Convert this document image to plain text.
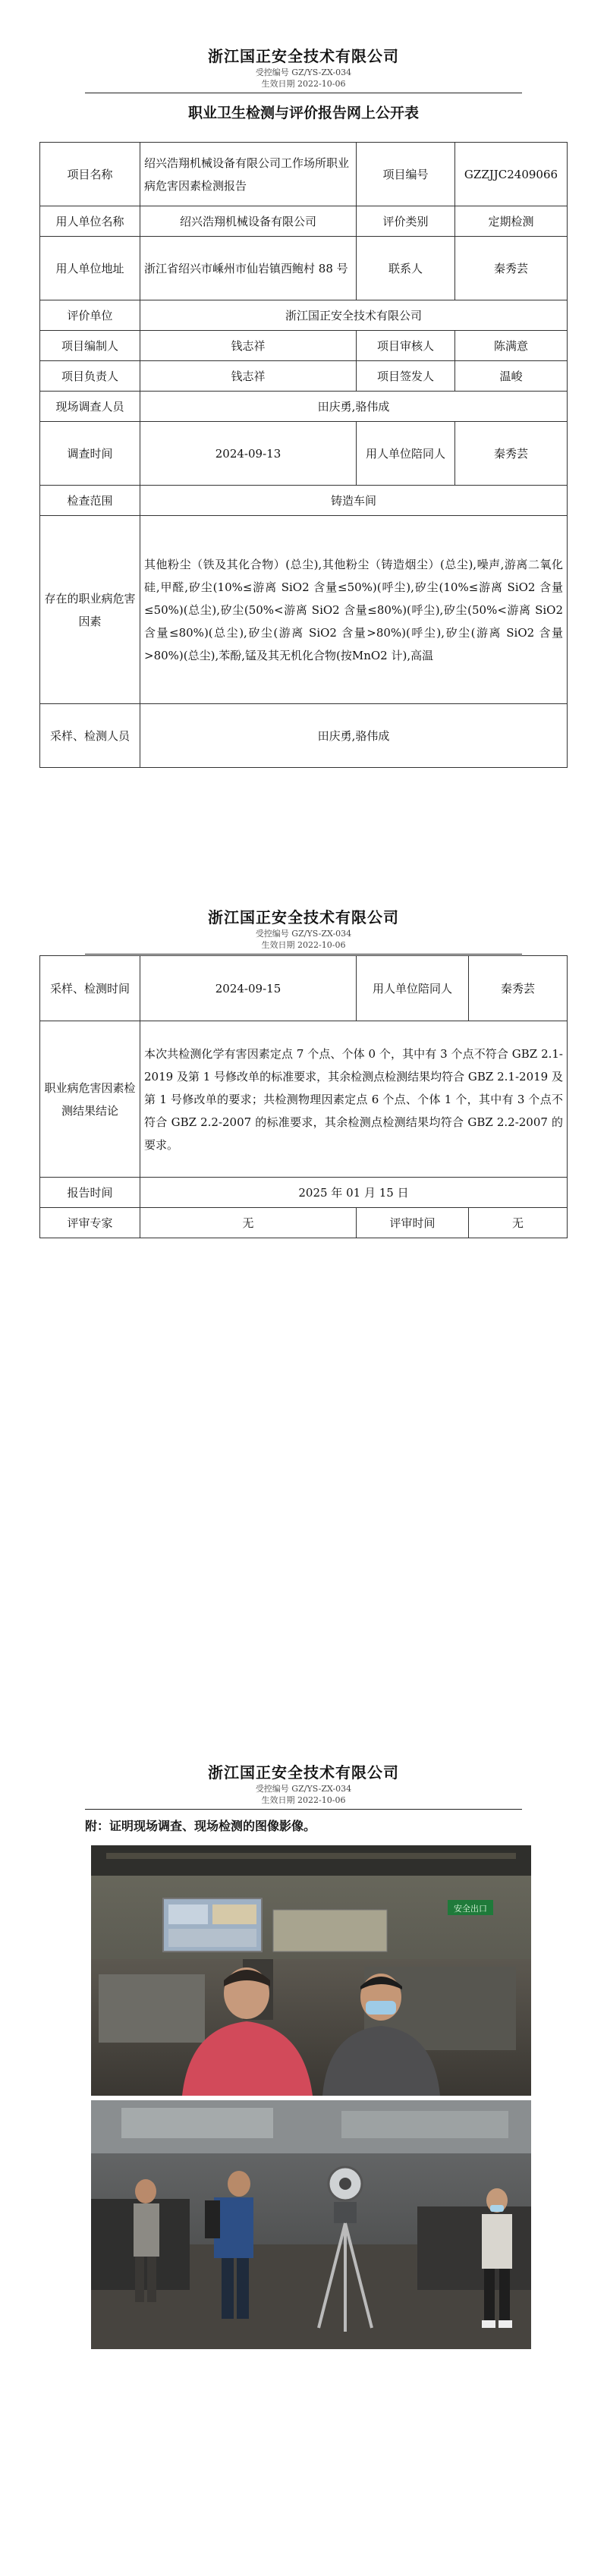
浙江国正安全技术有限公司
受控编号 GZ/YS-ZX-034
生效日期 2022-10-06
职业卫生检测与评价报告网上公开表
项目名称	绍兴浩翔机械设备有限公司工作场所职业病危害因素检测报告	项目编号	GZZJJC2409066
用人单位名称	绍兴浩翔机械设备有限公司	评价类别	定期检测
用人单位地址	浙江省绍兴市嵊州市仙岩镇西鲍村 88 号	联系人	秦秀芸
评价单位	浙江国正安全技术有限公司		
项目编制人	钱志祥	项目审核人	陈满意
项目负责人	钱志祥	项目签发人	温峻
现场调查人员	田庆勇,骆伟成		
调查时间	2024-09-13	用人单位陪同人	秦秀芸
检查范围	铸造车间		
存在的职业病危害因素	其他粉尘（铁及其化合物）(总尘),其他粉尘（铸造烟尘）(总尘),噪声,游离二氧化硅,甲醛,矽尘(10%≤游离 SiO2 含量≤50%)(呼尘),矽尘(10%≤游离 SiO2 含量≤50%)(总尘),矽尘(50%<游离 SiO2 含量≤80%)(呼尘),矽尘(50%<游离 SiO2 含量≤80%)(总尘),矽尘(游离 SiO2 含量>80%)(呼尘),矽尘(游离 SiO2 含量>80%)(总尘),苯酚,锰及其无机化合物(按MnO2 计),高温		
采样、检测人员	田庆勇,骆伟成		
浙江国正安全技术有限公司
受控编号 GZ/YS-ZX-034
生效日期 2022-10-06
采样、检测时间	2024-09-15	用人单位陪同人	秦秀芸
职业病危害因素检测结果结论	本次共检测化学有害因素定点 7 个点、个体 0 个，其中有 3 个点不符合 GBZ 2.1-2019 及第 1 号修改单的标准要求，其余检测点检测结果均符合 GBZ 2.1-2019 及第 1 号修改单的要求；共检测物理因素定点 6 个点、个体 1 个，其中有 3 个点不符合 GBZ 2.2-2007 的标准要求，其余检测点检测结果均符合 GBZ 2.2-2007 的要求。		
报告时间	2025 年 01 月 15 日		
评审专家	无	评审时间	无
浙江国正安全技术有限公司
受控编号 GZ/YS-ZX-034
生效日期 2022-10-06
附：证明现场调查、现场检测的图像影像。
安全出口
